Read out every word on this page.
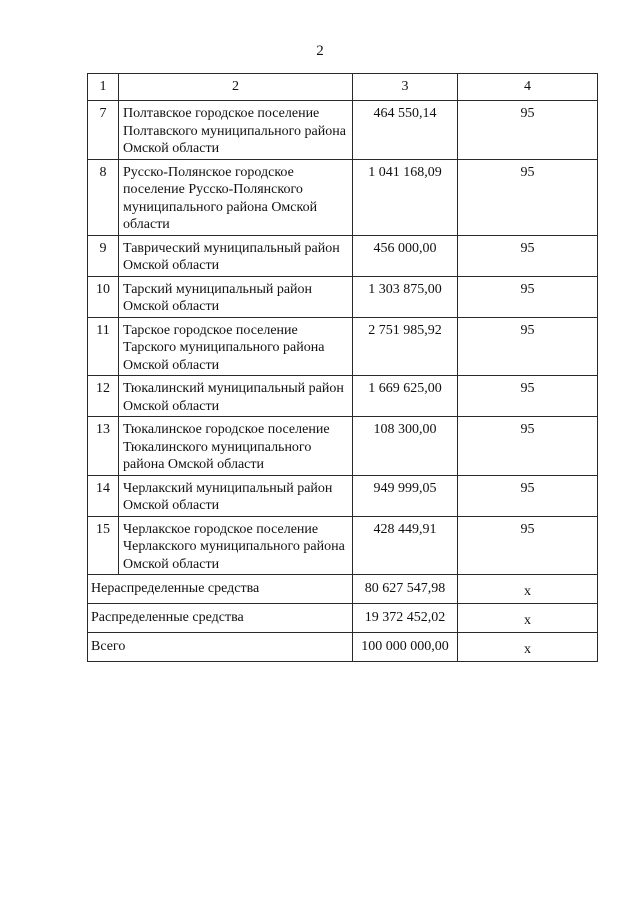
2
1	2	3	4
7	Полтавское городское поселение Полтавского муниципального района Омской области	464 550,14	95
8	Русско-Полянское городское поселение Русско-Полянского муниципального района Омской области	1 041 168,09	95
9	Таврический муниципальный район Омской области	456 000,00	95
10	Тарский муниципальный район Омской области	1 303 875,00	95
11	Тарское городское поселение Тарского муниципального района Омской области	2 751 985,92	95
12	Тюкалинский муниципальный район Омской области	1 669 625,00	95
13	Тюкалинское городское поселение Тюкалинского муниципального района Омской области	108 300,00	95
14	Черлакский муниципальный район Омской области	949 999,05	95
15	Черлакское городское поселение Черлакского муниципального района Омской области	428 449,91	95
Нераспределенные средства		80 627 547,98	х
Распределенные средства		19 372 452,02	х
Всего		100 000 000,00	х
